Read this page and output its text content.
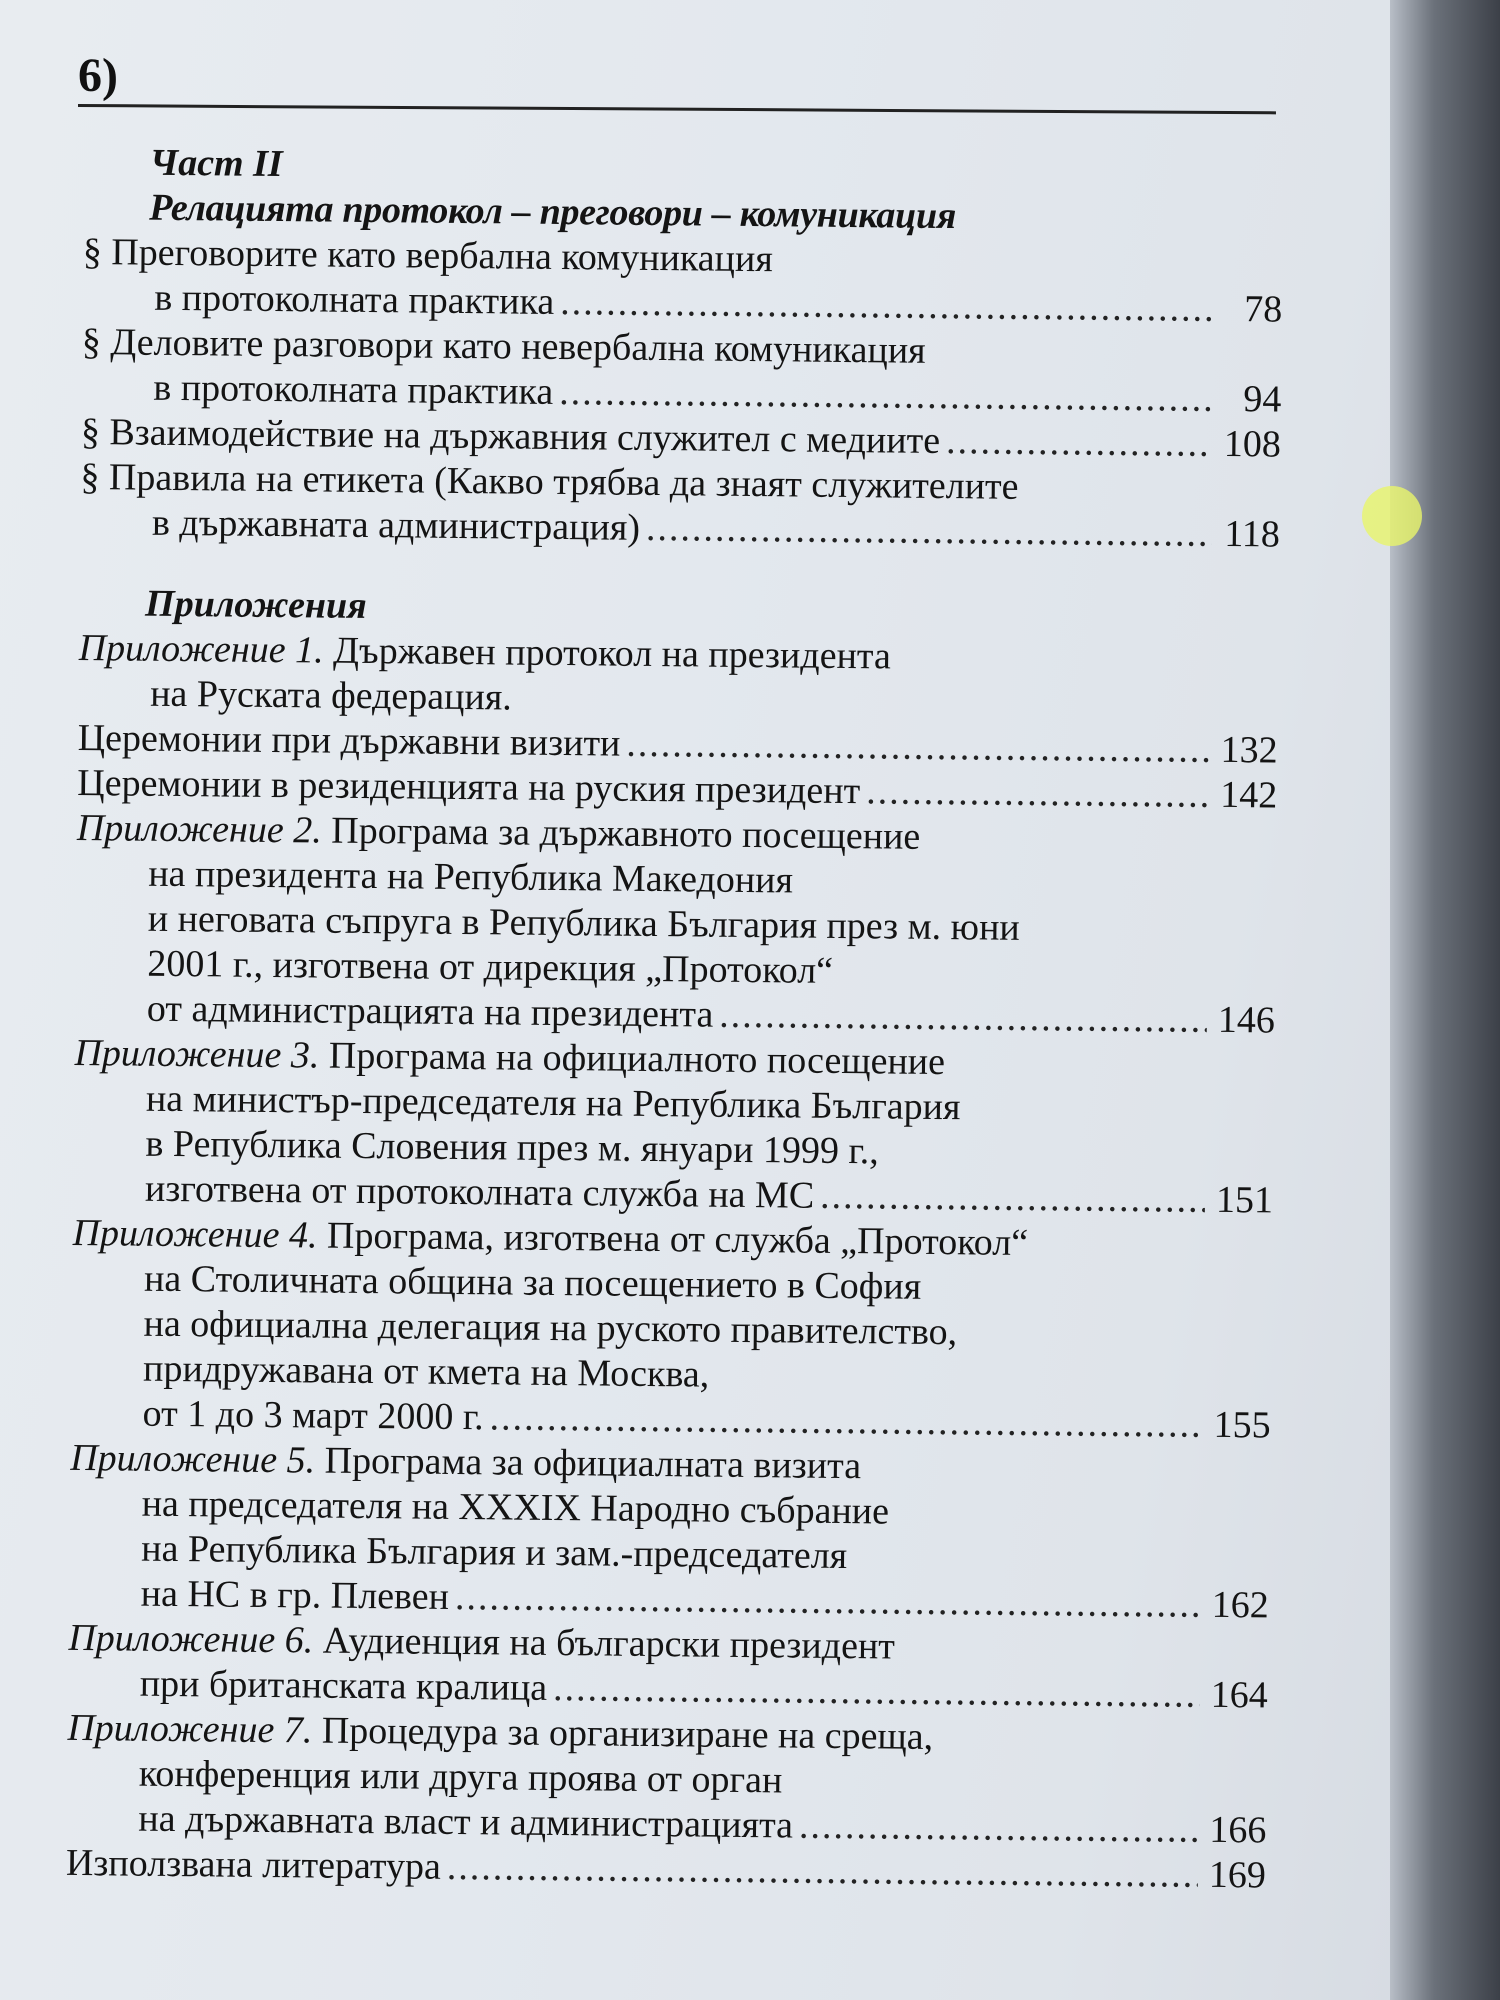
6)
Част II
Релацията протокол – преговори – комуникация
§ Преговорите като вербална комуникация
в протоколната практика .....	78
§ Деловите разговори като невербална комуникация
в протоколната практика .....	94
§ Взаимодействие на държавния служител с медиите .....	108
§ Правила на етикета (Какво трябва да знаят служителите
в държавната администрация) .....	118
Приложения
Приложение 1. Държавен протокол на президента
на Руската федерация.
Церемонии при държавни визити .....	132
Церемонии в резиденцията на руския президент .....	142
Приложение 2. Програма за държавното посещение
на президента на Република Македония
и неговата съпруга в Република България през м. юни
2001 г., изготвена от дирекция „Протокол“
от администрацията на президента .....	146
Приложение 3. Програма на официалното посещение
на министър-председателя на Република България
в Република Словения през м. януари 1999 г.,
изготвена от протоколната служба на МС .....	151
Приложение 4. Програма, изготвена от служба „Протокол“
на Столичната община за посещението в София
на официална делегация на руското правителство,
придружавана от кмета на Москва,
от 1 до 3 март 2000 г. .....	155
Приложение 5. Програма за официалната визита
на председателя на XXXIX Народно събрание
на Република България и зам.-председателя
на НС в гр. Плевен .....	162
Приложение 6. Аудиенция на български президент
при британската кралица .....	164
Приложение 7. Процедура за организиране на среща,
конференция или друга проява от орган
на държавната власт и администрацията .....	166
Използвана литература .....	169
